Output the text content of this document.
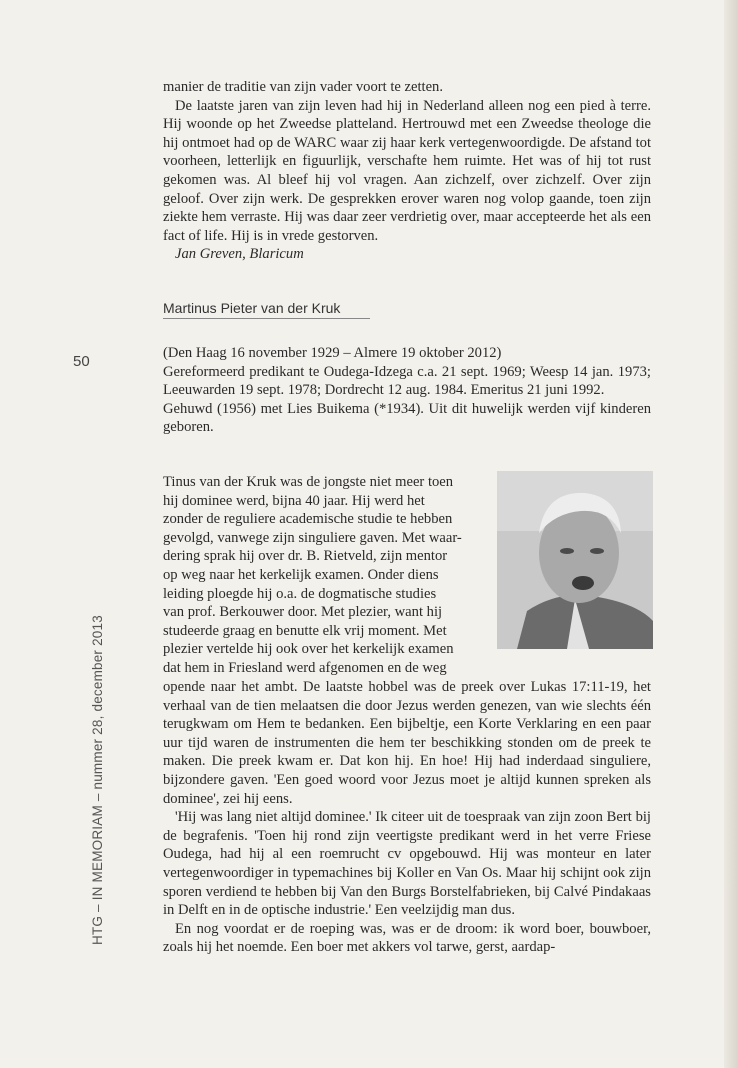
manier de traditie van zijn vader voort te zetten.

De laatste jaren van zijn leven had hij in Nederland alleen nog een pied à terre. Hij woonde op het Zweedse platteland. Hertrouwd met een Zweedse theologe die hij ontmoet had op de WARC waar zij haar kerk vertegenwoordigde. De afstand tot voorheen, letterlijk en figuurlijk, verschafte hem ruimte. Het was of hij tot rust gekomen was. Al bleef hij vol vragen. Aan zichzelf, over zichzelf. Over zijn geloof. Over zijn werk. De gesprekken erover waren nog volop gaande, toen zijn ziekte hem verraste. Hij was daar zeer verdrietig over, maar accepteerde het als een fact of life. Hij is in vrede gestorven.

Jan Greven, Blaricum

Martinus Pieter van der Kruk
50	(Den Haag 16 november 1929 – Almere 19 oktober 2012)

Gereformeerd predikant te Oudega-Idzega c.a. 21 sept. 1969; Weesp 14 jan. 1973; Leeuwarden 19 sept. 1978; Dordrecht 12 aug. 1984. Emeritus 21 juni 1992.

Gehuwd (1956) met Lies Buikema (*1934). Uit dit huwelijk werden vijf kinderen geboren.

Tinus van der Kruk was de jongste niet meer toen
hij dominee werd, bijna 40 jaar. Hij werd het
zonder de reguliere academische studie te hebben
gevolgd, vanwege zijn singuliere gaven. Met waar-
dering sprak hij over dr. B. Rietveld, zijn mentor
op weg naar het kerkelijk examen. Onder diens
leiding ploegde hij o.a. de dogmatische studies
van prof. Berkouwer door. Met plezier, want hij
studeerde graag en benutte elk vrij moment. Met
plezier vertelde hij ook over het kerkelijk examen
dat hem in Friesland werd afgenomen en de weg

opende naar het ambt. De laatste hobbel was de preek over Lukas 17:11-19, het verhaal van de tien melaatsen die door Jezus werden genezen, van wie slechts één terugkwam om Hem te bedanken. Een bijbeltje, een Korte Verklaring en een paar uur tijd waren de instrumenten die hem ter beschikking stonden om de preek te maken. Die preek kwam er. Dat kon hij. En hoe! Hij had inderdaad singuliere, bijzondere gaven. 'Een goed woord voor Jezus moet je altijd kunnen spreken als dominee', zei hij eens.

'Hij was lang niet altijd dominee.' Ik citeer uit de toespraak van zijn zoon Bert bij de begrafenis. 'Toen hij rond zijn veertigste predikant werd in het verre Friese Oudega, had hij al een roemrucht cv opgebouwd. Hij was monteur en later vertegenwoordiger in typemachines bij Koller en Van Os. Maar hij schijnt ook zijn sporen verdiend te hebben bij Van den Burgs Borstelfabrieken, bij Calvé Pindakaas in Delft en in de optische industrie.' Een veelzijdig man dus.

En nog voordat er de roeping was, was er de droom: ik word boer, bouwboer, zoals hij het noemde. Een boer met akkers vol tarwe, gerst, aardap-

HTG – IN MEMORIAM – nummer 28, december 2013
